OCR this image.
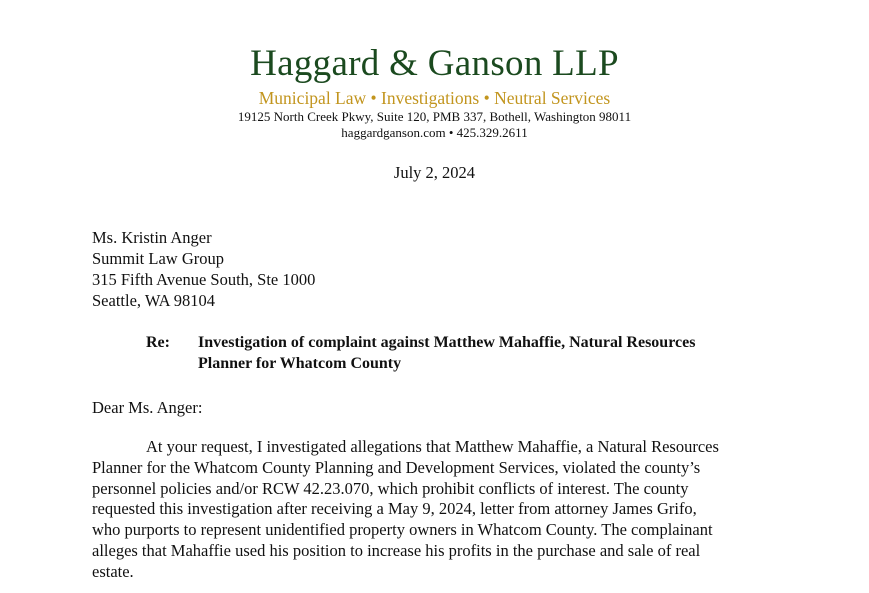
Haggard & Ganson LLP
Municipal Law • Investigations • Neutral Services
19125 North Creek Pkwy, Suite 120, PMB 337, Bothell, Washington 98011
haggardganson.com • 425.329.2611
July 2, 2024
Ms. Kristin Anger
Summit Law Group
315 Fifth Avenue South, Ste 1000
Seattle, WA 98104
Re: Investigation of complaint against Matthew Mahaffie, Natural Resources
Planner for Whatcom County
Dear Ms. Anger:
At your request, I investigated allegations that Matthew Mahaffie, a Natural Resources
Planner for the Whatcom County Planning and Development Services, violated the county’s
personnel policies and/or RCW 42.23.070, which prohibit conflicts of interest. The county
requested this investigation after receiving a May 9, 2024, letter from attorney James Grifo,
who purports to represent unidentified property owners in Whatcom County. The complainant
alleges that Mahaffie used his position to increase his profits in the purchase and sale of real
estate.
